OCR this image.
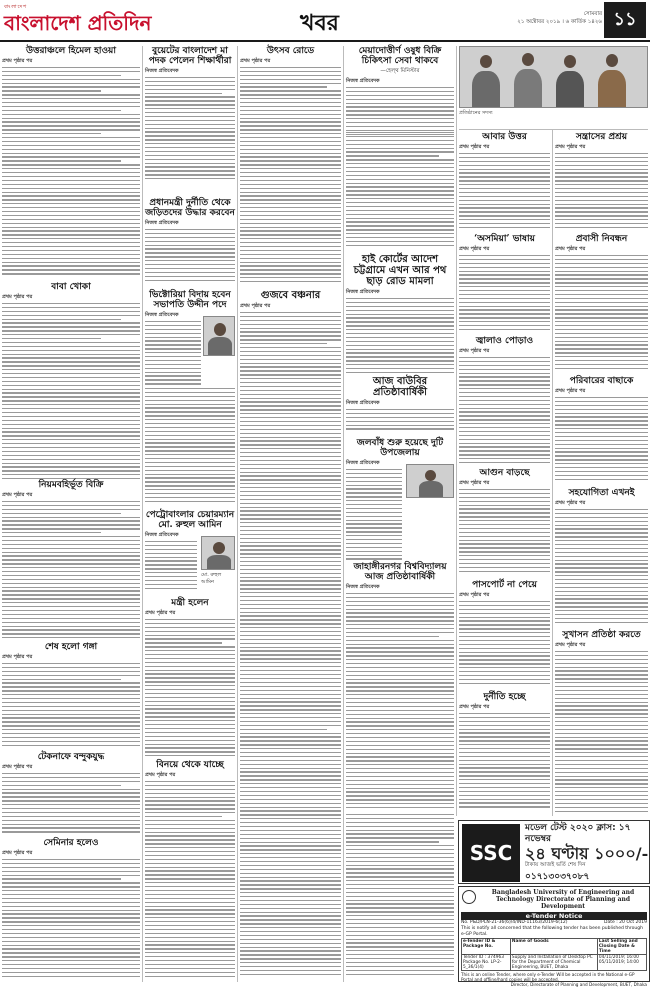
বাংলাদেশ
বাংলাদেশ প্রতিদিন	খবর	সোমবার
২১ অক্টোবর ২০১৯ । ৬ কার্তিক ১৪২৬ ১১
উত্তরাঞ্চলে হিমেল হাওয়া
প্রথম পৃষ্ঠার পর
বাবা খোকা
প্রথম পৃষ্ঠার পর
নিয়মবহির্ভূত বিক্রি
প্রথম পৃষ্ঠার পর
শেষ হলো গঙ্গা
প্রথম পৃষ্ঠার পর
টেকনাফে বন্দুকযুদ্ধ
প্রথম পৃষ্ঠার পর
সেমিনার হলেও
প্রথম পৃষ্ঠার পর
বুয়েটের বাংলাদেশ মা পদক পেলেন শিক্ষার্থীরা
নিজস্ব প্রতিবেদক
প্রধানমন্ত্রী দুর্নীতি থেকে জড়িতদের উদ্ধার করবেন
নিজস্ব প্রতিবেদক
ভিক্টোরিয়া বিদায় হবেন সভাপতি উদ্দীন পদে
নিজস্ব প্রতিবেদক
পেট্রোবাংলার চেয়ারম্যান মো. রুহুল আমিন
নিজস্ব প্রতিবেদক
মো. রুহুল আমিন
মন্ত্রী হলেন
প্রথম পৃষ্ঠার পর
বিনয়ে থেকে যাচ্ছে
প্রথম পৃষ্ঠার পর
উৎসব রোডে
প্রথম পৃষ্ঠার পর
গুজবে বঞ্চনার
প্রথম পৃষ্ঠার পর
মেয়াদোত্তীর্ণ ওষুধ বিক্রি চিকিৎসা সেবা থাকবে
—হেল্থ মিনিস্টার
নিজস্ব প্রতিবেদক
হাই কোর্টের আদেশ চট্টগ্রামে এখন আর পথ ছাড় রোড মামলা
নিজস্ব প্রতিবেদক
আজ বাউবির প্রতিষ্ঠাবার্ষিকী
নিজস্ব প্রতিবেদক
জলবাঁধ শুরু হয়েছে দুটি উপজেলায়
নিজস্ব প্রতিবেদক
জাহাঙ্গীরনগর বিশ্ববিদ্যালয় আজ প্রতিষ্ঠাবার্ষিকী
নিজস্ব প্রতিবেদক
প্রতিষ্ঠানের সদস্য
আবার উত্তর
প্রথম পৃষ্ঠার পর
‘অসমিয়া’ ভাষায়
প্রথম পৃষ্ঠার পর
জ্বালাও পোড়াও
প্রথম পৃষ্ঠার পর
আগুন বাড়ছে
প্রথম পৃষ্ঠার পর
পাসপোর্ট না পেয়ে
প্রথম পৃষ্ঠার পর
দুর্নীতি হচ্ছে
প্রথম পৃষ্ঠার পর
সন্ত্রাসের প্রশ্রয়
প্রথম পৃষ্ঠার পর
প্রবাসী নিবন্ধন
প্রথম পৃষ্ঠার পর
পরিবারের বাছাকে
প্রথম পৃষ্ঠার পর
সহযোগিতা এখনই
প্রথম পৃষ্ঠার পর
সুখাসন প্রতিষ্ঠা করতে
প্রথম পৃষ্ঠার পর
SSC
মডেল টেস্ট ২০২০ ক্লাস: ১৭ নভেম্বর
২৪ ঘণ্টায় ১০০০/-
টাকায় আজই ভর্তি শেষ দিন
০১৭১৩০৩৭০৮৭
Bangladesh University of Engineering and Technology Directorate of Planning and Development
e-Tender Notice
No. P&D/PLN-21-36(6)/4/IND-11163/2019-6(12)	Date : 20 Oct 2019
This is notify all concerned that the following tender has been published through e-GP Portal.
e-Tender ID & Package No.	Name of Goods	Last Selling and Closing Date & Time
Tender ID : 374963 Package No. LP-2-5_36/1(4)	Supply and Installation of Desktop PC for the Department of Chemical Engineering, BUET, Dhaka	04/11/2019; 16:00 05/11/2019; 14:00
This is an online Tender, where only e-Tender Will be accepted in the National e-GP Portal and offline/hard copies will be accepted.
Director, Directorate of Planning and Development, BUET, Dhaka
